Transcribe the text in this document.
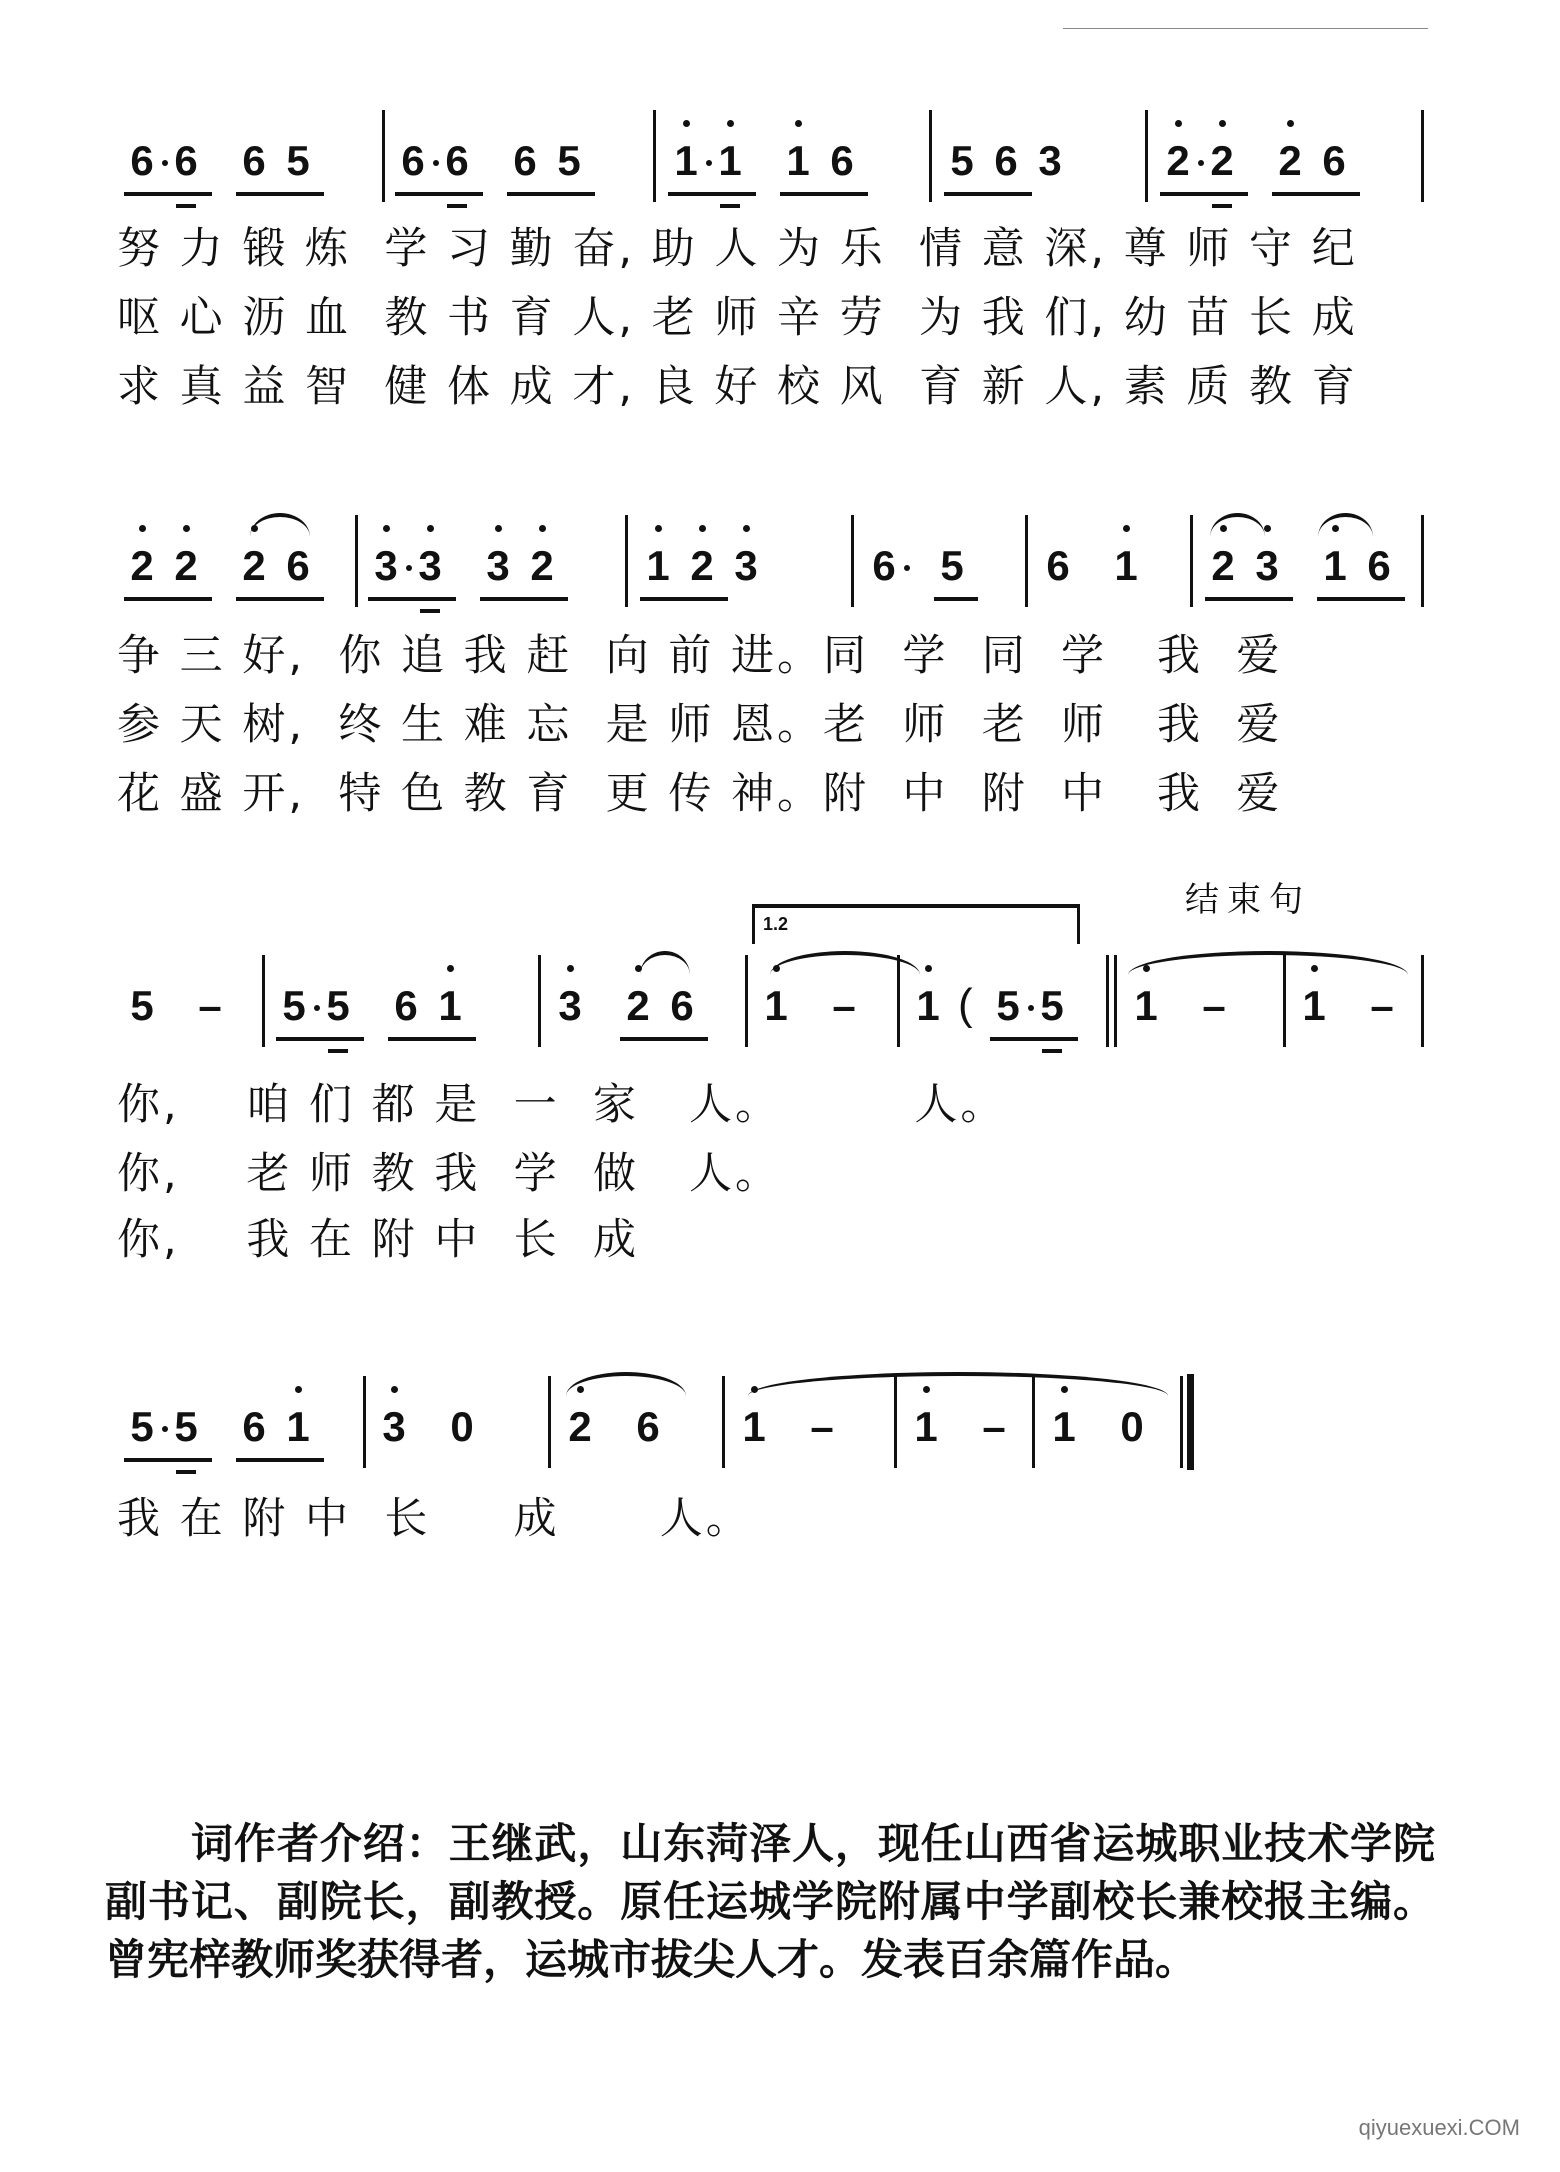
6 6 6 5 6 6 6 5 1 1 1 6 5 6 3 2 2 2 6
努 力 锻 炼  学 习 勤 奋, 助 人 为 乐  情 意 深, 尊 师 守 纪
呕 心 沥 血  教 书 育 人, 老 师 辛 劳  为 我 们, 幼 苗 长 成
求 真 益 智  健 体 成 才, 良 好 校 风  育 新 人, 素 质 教 育
2 2 2 6 3 3 3 2 1 2 3	6 5 6 1 2 3 1 6
争 三 好,  你 追 我 赶  向 前 进。同  学  同  学   我  爱
参 天 树,  终 生 难 忘  是 师 恩。老  师  老  师   我  爱
花 盛 开,  特 色 教 育  更 传 神。附  中  附  中   我  爱
结束句
1.2
5 – 5 5 6 1 3 2 6 1 – 1 5 5 1 – 1 –
(
你,    咱 们 都 是  一  家   人。        人。
你,    老 师 教 我  学  做   人。
你,    我 在 附 中  长  成
5 5 6 1 3 0 2 6 1 – 1 – 1 0
我 在 附 中  长     成      人。

词作者介绍：王继武，山东菏泽人，现任山西省运城职业技术学院副书记、副院长，副教授。原任运城学院附属中学副校长兼校报主编。曾宪梓教师奖获得者，运城市拔尖人才。发表百余篇作品。

qiyuexuexi.COM
